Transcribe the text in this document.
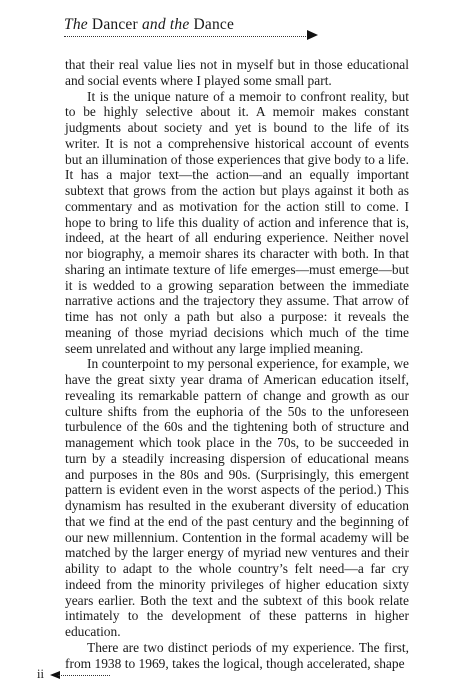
The Dancer and the Dance

that their real value lies not in myself but in those educational and social events where I played some small part.

It is the unique nature of a memoir to confront reality, but to be highly selective about it. A memoir makes constant judgments about society and yet is bound to the life of its writer. It is not a comprehensive historical account of events but an illumination of those experiences that give body to a life. It has a major text—the action—and an equally important subtext that grows from the action but plays against it both as commentary and as motivation for the action still to come. I hope to bring to life this duality of action and inference that is, indeed, at the heart of all enduring experience. Neither novel nor biography, a memoir shares its character with both. In that sharing an intimate texture of life emerges—must emerge—but it is wedded to a growing separation between the immediate narrative actions and the trajectory they assume. That arrow of time has not only a path but also a purpose: it reveals the meaning of those myriad decisions which much of the time seem unrelated and without any large implied meaning.

In counterpoint to my personal experience, for example, we have the great sixty year drama of American education itself, revealing its remarkable pattern of change and growth as our culture shifts from the euphoria of the 50s to the unforeseen turbulence of the 60s and the tightening both of structure and management which took place in the 70s, to be succeeded in turn by a steadily increasing dispersion of educational means and purposes in the 80s and 90s. (Surprisingly, this emergent pattern is evident even in the worst aspects of the period.) This dynamism has resulted in the exuberant diversity of education that we find at the end of the past century and the beginning of our new millennium. Contention in the formal academy will be matched by the larger energy of myriad new ventures and their ability to adapt to the whole country’s felt need—a far cry indeed from the minority privileges of higher education sixty years earlier. Both the text and the subtext of this book relate intimately to the development of these patterns in higher education.

There are two distinct periods of my experience. The first, from 1938 to 1969, takes the logical, though accelerated, shape

ii
